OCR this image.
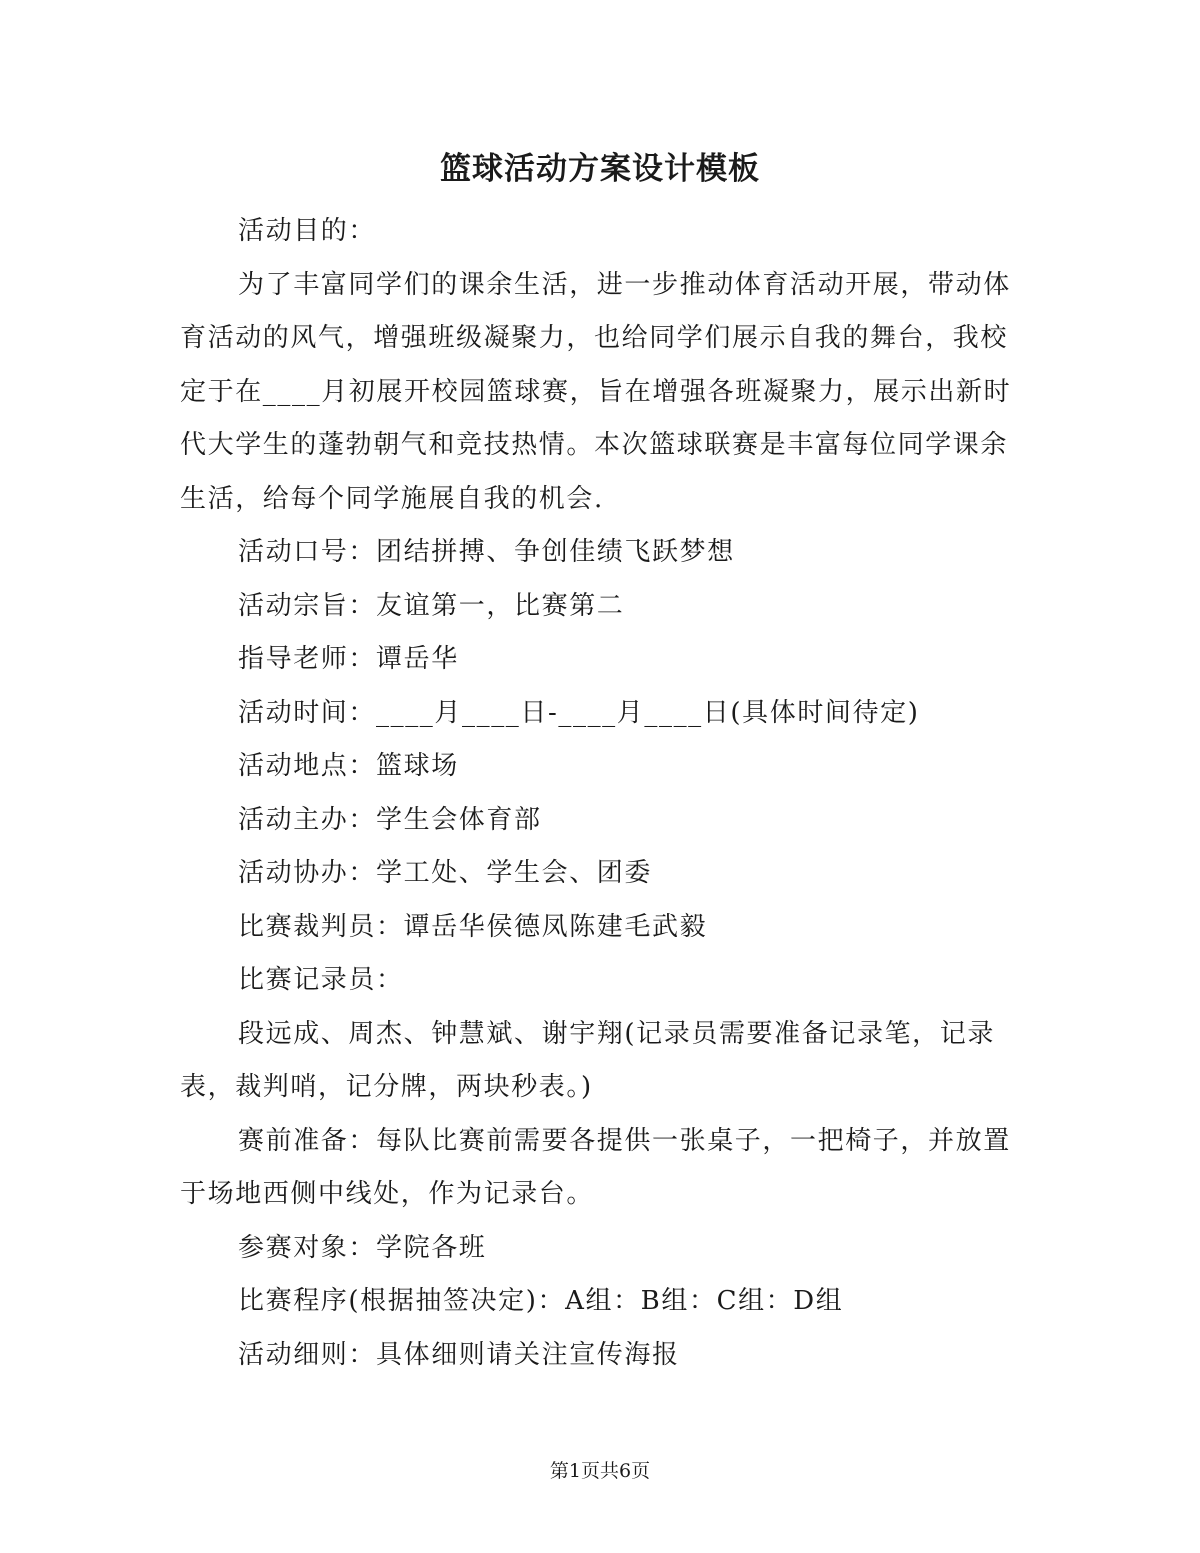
篮球活动方案设计模板

活动目的：

为了丰富同学们的课余生活，进一步推动体育活动开展，带动体育活动的风气，增强班级凝聚力，也给同学们展示自我的舞台，我校定于在____月初展开校园篮球赛，旨在增强各班凝聚力，展示出新时代大学生的蓬勃朝气和竞技热情。本次篮球联赛是丰富每位同学课余生活，给每个同学施展自我的机会.

活动口号：团结拼搏、争创佳绩飞跃梦想

活动宗旨：友谊第一，比赛第二

指导老师：谭岳华

活动时间：____月____日-____月____日(具体时间待定)

活动地点：篮球场

活动主办：学生会体育部

活动协办：学工处、学生会、团委

比赛裁判员：谭岳华侯德凤陈建毛武毅

比赛记录员：

段远成、周杰、钟慧斌、谢宇翔(记录员需要准备记录笔，记录表，裁判哨，记分牌，两块秒表。)

赛前准备：每队比赛前需要各提供一张桌子，一把椅子，并放置于场地西侧中线处，作为记录台。

参赛对象：学院各班

比赛程序(根据抽签决定)：A组：B组：C组：D组

活动细则：具体细则请关注宣传海报

第1页共6页
